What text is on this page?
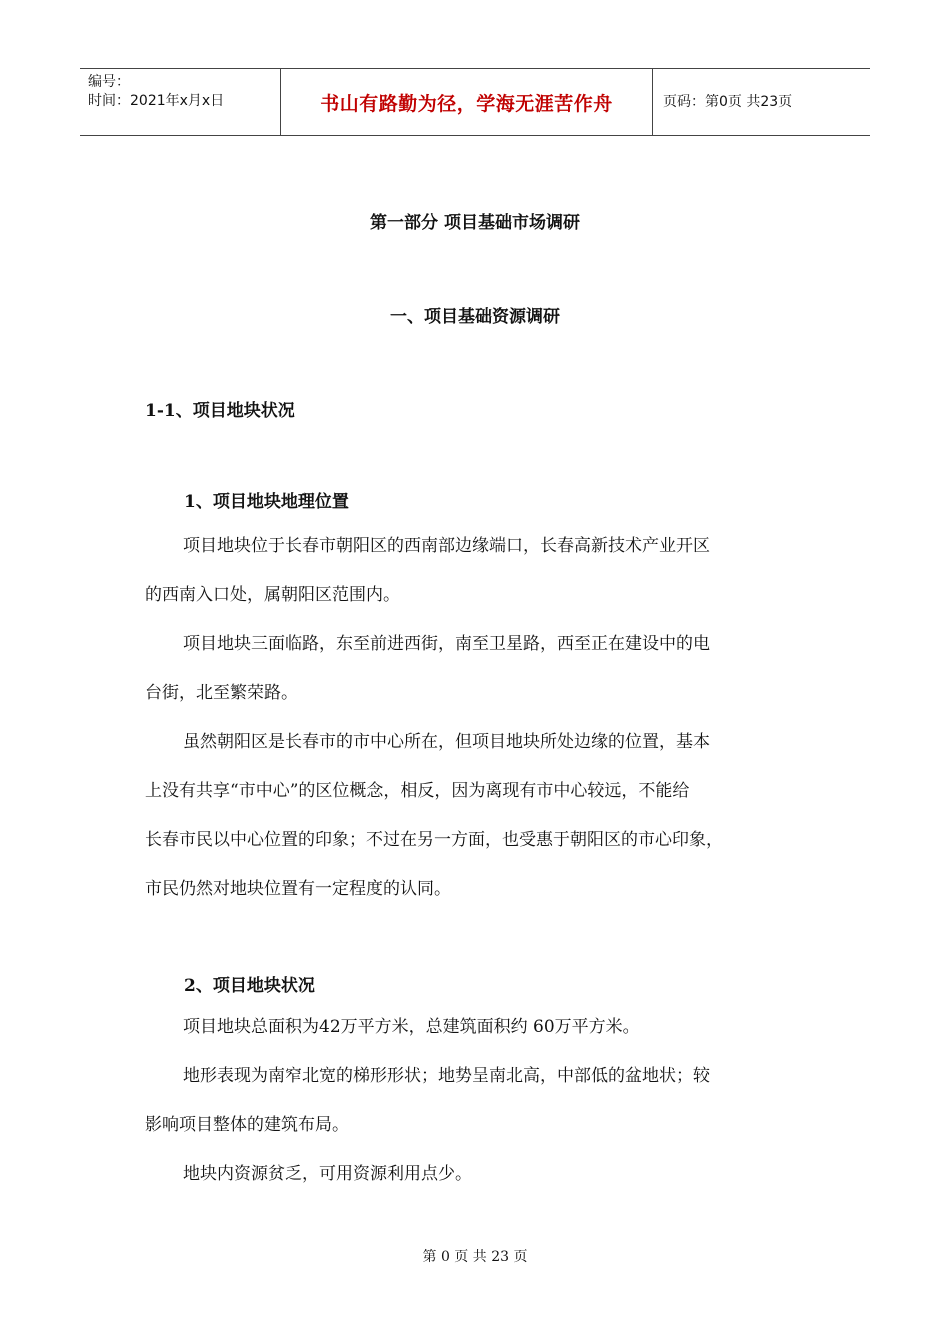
编号：
时间：2021年x月x日	书山有路勤为径，学海无涯苦作舟	页码：第0页 共23页
第一部分 项目基础市场调研
一、项目基础资源调研
1-1、项目地块状况
1、项目地块地理位置
项目地块位于长春市朝阳区的西南部边缘端口，长春高新技术产业开区
的西南入口处，属朝阳区范围内。
项目地块三面临路，东至前进西街，南至卫星路，西至正在建设中的电
台街，北至繁荣路。
虽然朝阳区是长春市的市中心所在，但项目地块所处边缘的位置，基本
上没有共享“市中心”的区位概念，相反，因为离现有市中心较远，不能给
长春市民以中心位置的印象；不过在另一方面，也受惠于朝阳区的市心印象，
市民仍然对地块位置有一定程度的认同。
2、项目地块状况
项目地块总面积为42万平方米，总建筑面积约 60万平方米。
地形表现为南窄北宽的梯形形状；地势呈南北高，中部低的盆地状；较
影响项目整体的建筑布局。
地块内资源贫乏，可用资源利用点少。
第 0 页 共 23 页
